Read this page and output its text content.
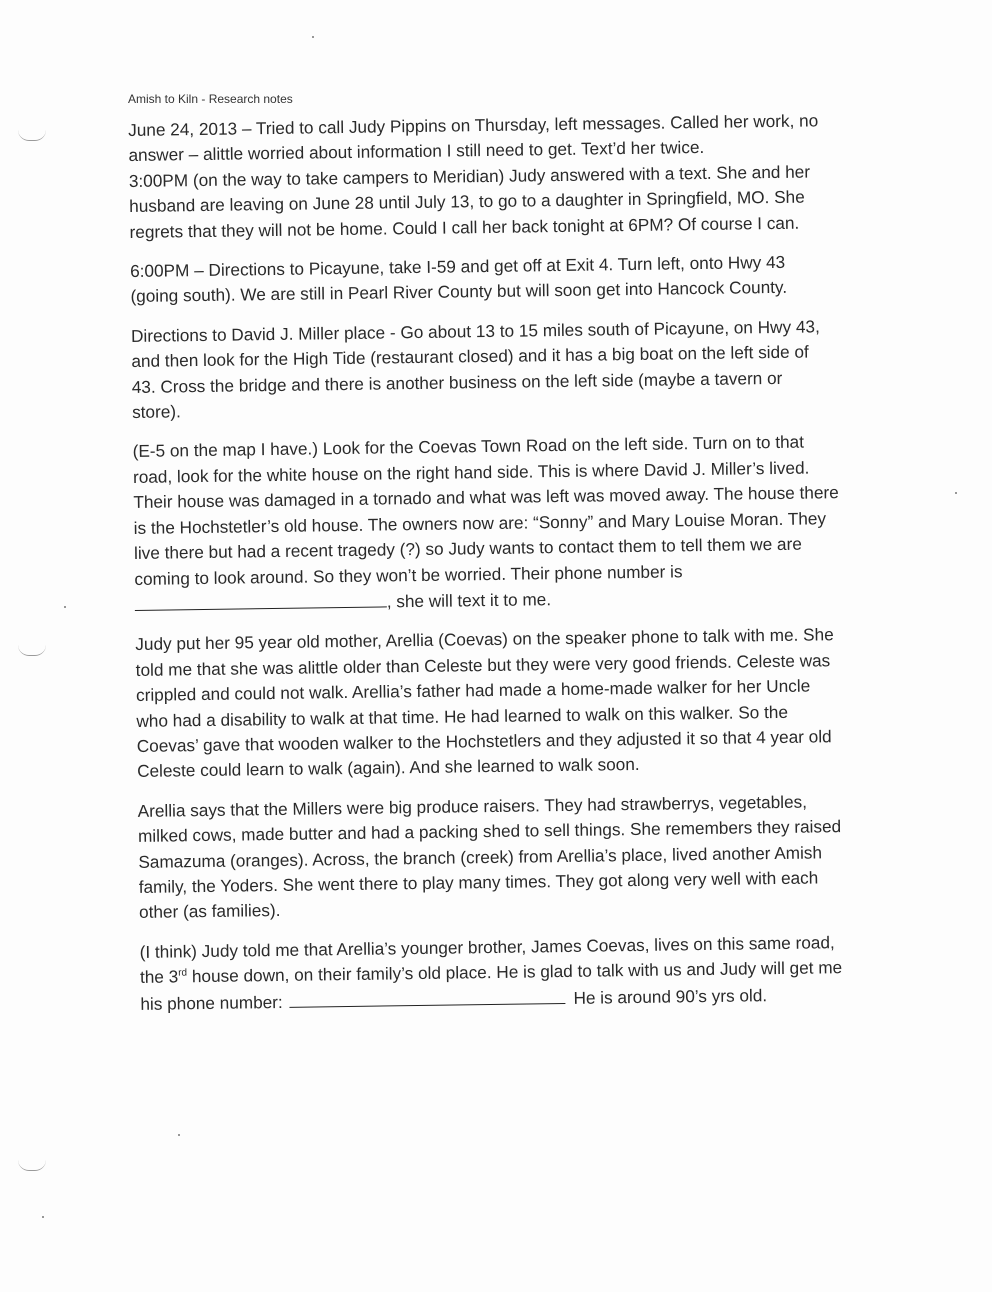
Amish to Kiln - Research notes

June 24, 2013 – Tried to call Judy Pippins on Thursday, left messages. Called her work, no
answer – alittle worried about information I still need to get. Text’d her twice.
3:00PM (on the way to take campers to Meridian) Judy answered with a text. She and her
husband are leaving on June 28 until July 13, to go to a daughter in Springfield, MO. She
regrets that they will not be home. Could I call her back tonight at 6PM? Of course I can.

6:00PM – Directions to Picayune, take I-59 and get off at Exit 4. Turn left, onto Hwy 43
(going south). We are still in Pearl River County but will soon get into Hancock County.

Directions to David J. Miller place - Go about 13 to 15 miles south of Picayune, on Hwy 43,
and then look for the High Tide (restaurant closed) and it has a big boat on the left side of
43. Cross the bridge and there is another business on the left side (maybe a tavern or
store).

(E-5 on the map I have.) Look for the Coevas Town Road on the left side. Turn on to that
road, look for the white house on the right hand side. This is where David J. Miller’s lived.
Their house was damaged in a tornado and what was left was moved away. The house there
is the Hochstetler’s old house. The owners now are: “Sonny” and Mary Louise Moran. They
live there but had a recent tragedy (?) so Judy wants to contact them to tell them we are
coming to look around. So they won’t be worried. Their phone number is
, she will text it to me.

Judy put her 95 year old mother, Arellia (Coevas) on the speaker phone to talk with me. She
told me that she was alittle older than Celeste but they were very good friends. Celeste was
crippled and could not walk. Arellia’s father had made a home-made walker for her Uncle
who had a disability to walk at that time. He had learned to walk on this walker. So the
Coevas’ gave that wooden walker to the Hochstetlers and they adjusted it so that 4 year old
Celeste could learn to walk (again). And she learned to walk soon.

Arellia says that the Millers were big produce raisers. They had strawberrys, vegetables,
milked cows, made butter and had a packing shed to sell things. She remembers they raised
Samazuma (oranges). Across, the branch (creek) from Arellia’s place, lived another Amish
family, the Yoders. She went there to play many times. They got along very well with each
other (as families).

(I think) Judy told me that Arellia’s younger brother, James Coevas, lives on this same road,
the 3rd house down, on their family’s old place. He is glad to talk with us and Judy will get me
his phone number:	He is around 90’s yrs old.
